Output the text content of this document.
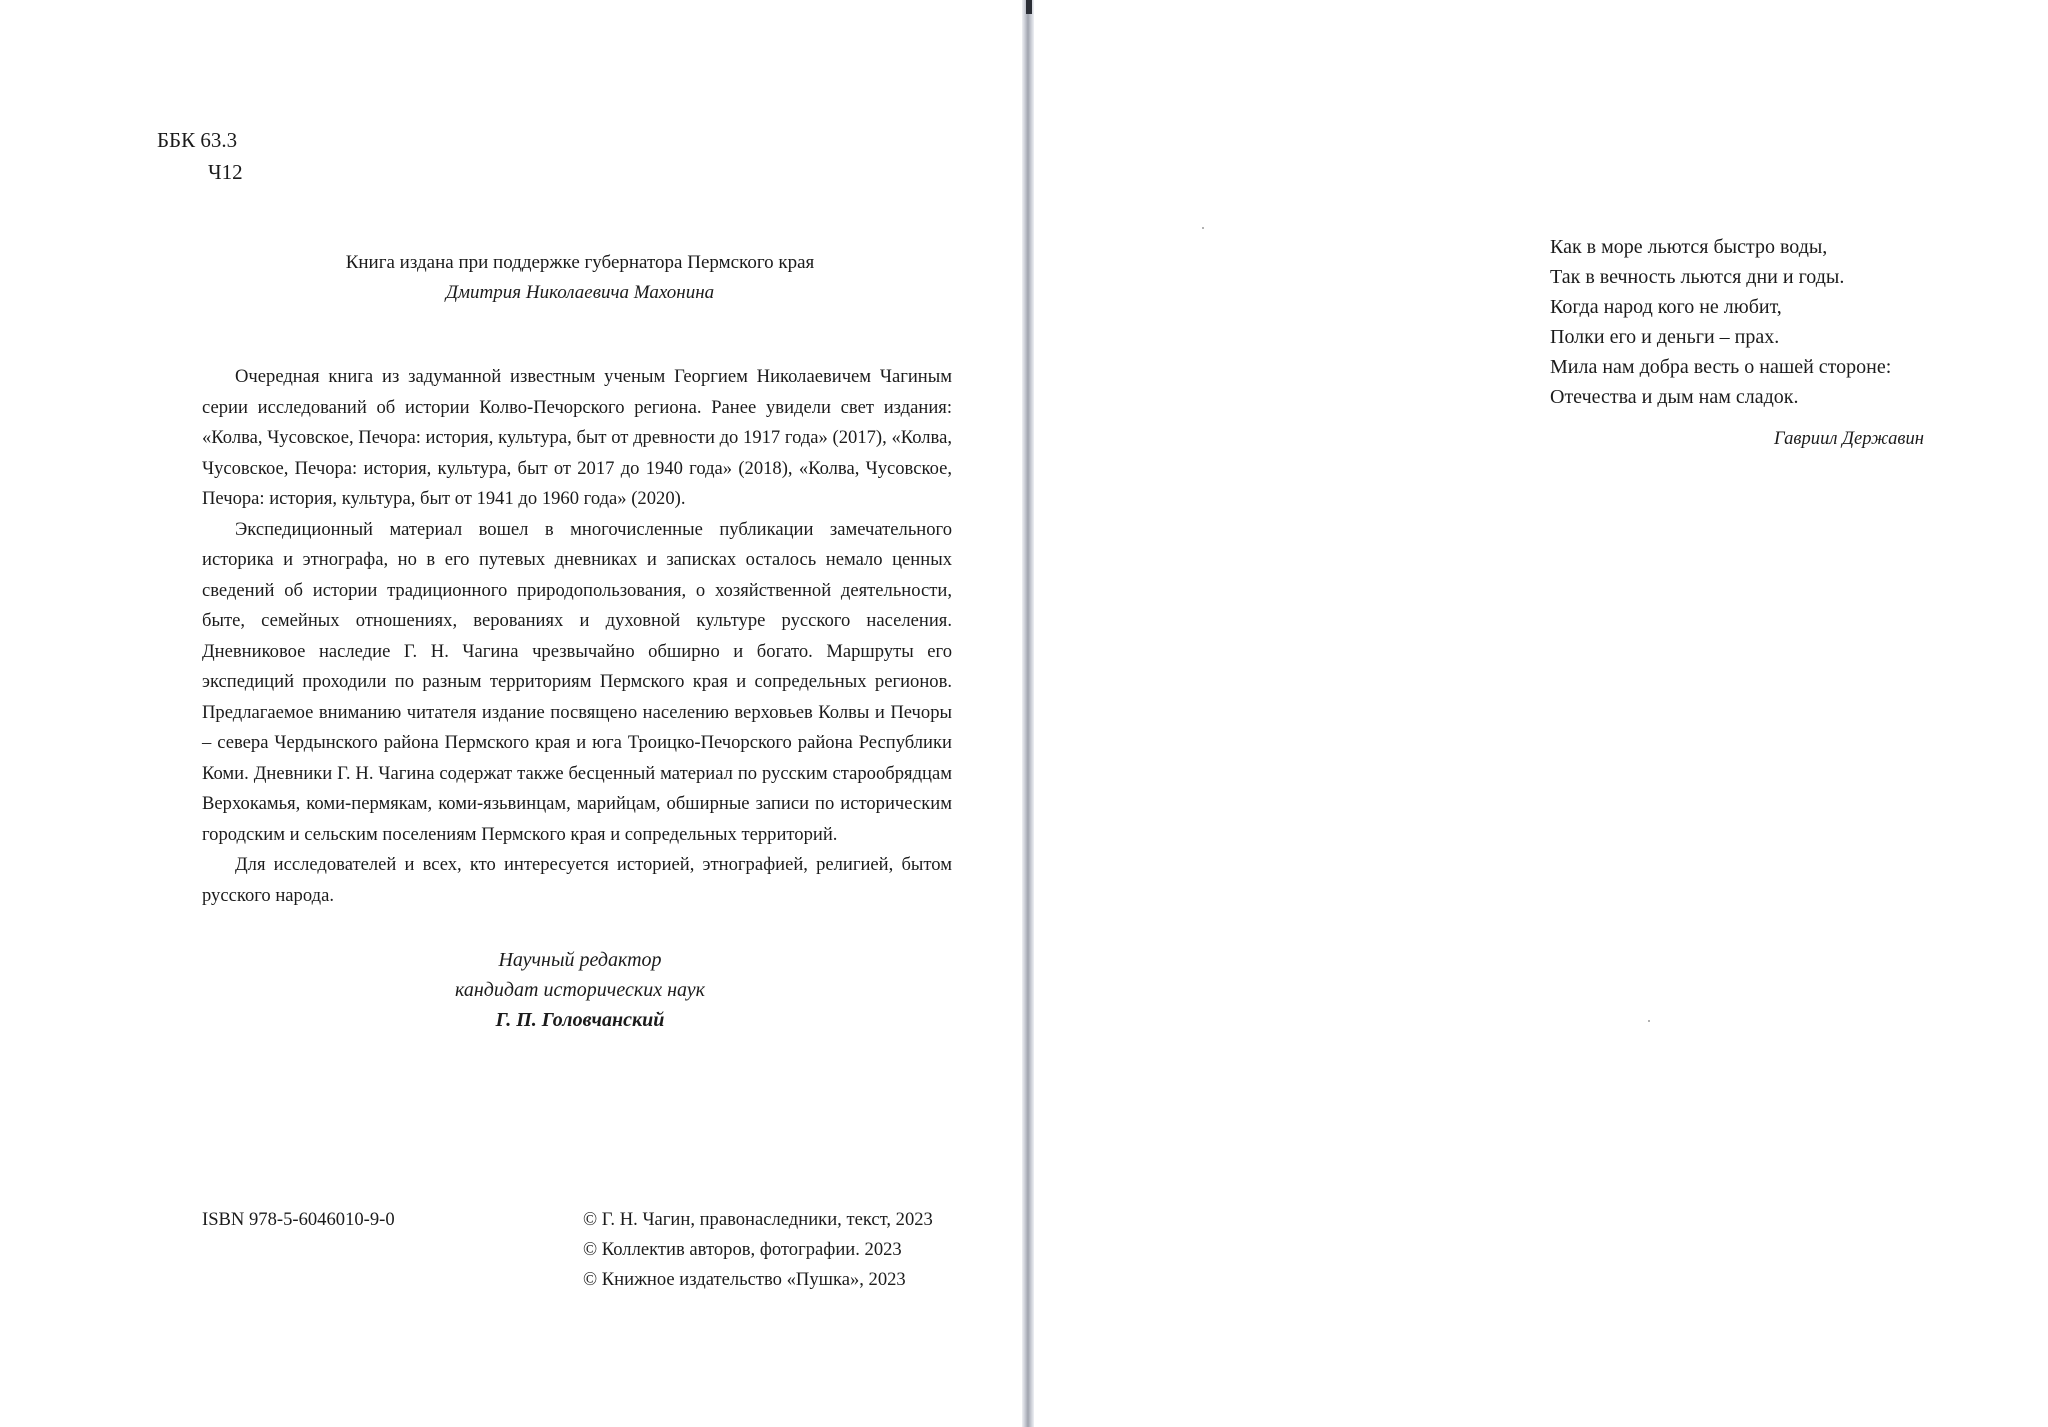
ББК 63.3
Ч12
Книга издана при поддержке губернатора Пермского края
Дмитрия Николаевича Махонина

Очередная книга из задуманной известным ученым Георгием Николаевичем Чагиным серии исследований об истории Колво-Печорского региона. Ранее увидели свет издания: «Колва, Чусовское, Печора: история, культура, быт от древности до 1917 года» (2017), «Колва, Чусовское, Печора: история, культура, быт от 2017 до 1940 года» (2018), «Колва, Чусовское, Печора: история, культура, быт от 1941 до 1960 года» (2020).

Экспедиционный материал вошел в многочисленные публикации замечательного историка и этнографа, но в его путевых дневниках и записках осталось немало ценных сведений об истории традиционного природопользования, о хозяйственной деятельности, быте, семейных отношениях, верованиях и духовной культуре русского населения. Дневниковое наследие Г. Н. Чагина чрезвычайно обширно и богато. Маршруты его экспедиций проходили по разным территориям Пермского края и сопредельных регионов. Предлагаемое вниманию читателя издание посвящено населению верховьев Колвы и Печоры – севера Чердынского района Пермского края и юга Троицко-Печорского района Республики Коми. Дневники Г. Н. Чагина содержат также бесценный материал по русским старообрядцам Верхокамья, коми-пермякам, коми-язьвинцам, марийцам, обширные записи по историческим городским и сельским поселениям Пермского края и сопредельных территорий.

Для исследователей и всех, кто интересуется историей, этнографией, религией, бытом русского народа.

Научный редактор
кандидат исторических наук
Г. П. Головчанский
ISBN 978-5-6046010-9-0	© Г. Н. Чагин, правонаследники, текст, 2023
© Коллектив авторов, фотографии. 2023
© Книжное издательство «Пушка», 2023
Как в море льются быстро воды,
Так в вечность льются дни и годы.
Когда народ кого не любит,
Полки его и деньги – прах.
Мила нам добра весть о нашей стороне:
Отечества и дым нам сладок.
Гавриил Державин
